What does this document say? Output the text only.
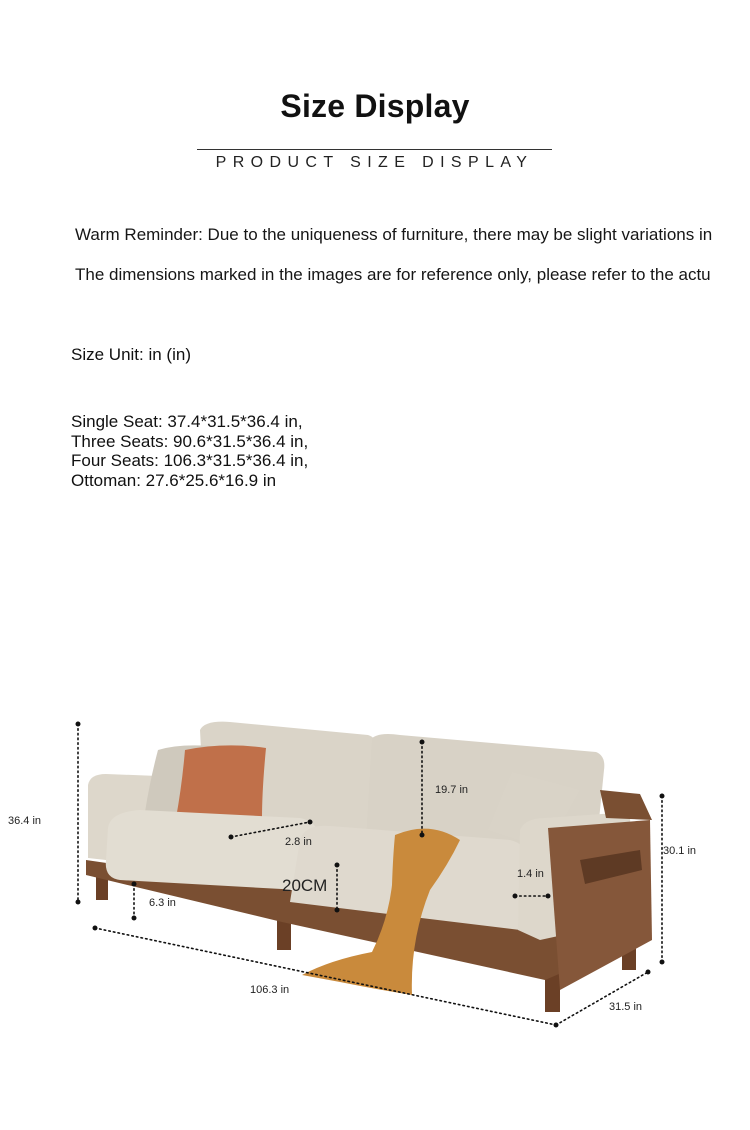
Size Display
PRODUCT SIZE DISPLAY
Warm Reminder: Due to the uniqueness of furniture, there may be slight variations in
The dimensions marked in the images are for reference only, please refer to the actu
Size Unit: in (in)
Single Seat: 37.4*31.5*36.4 in, Three Seats: 90.6*31.5*36.4 in, Four Seats: 106.3*31.5*36.4 in, Ottoman: 27.6*25.6*16.9 in
36.4 in
19.7 in
2.8 in
20CM
6.3 in
30.1 in
1.4 in
106.3 in
31.5 in
